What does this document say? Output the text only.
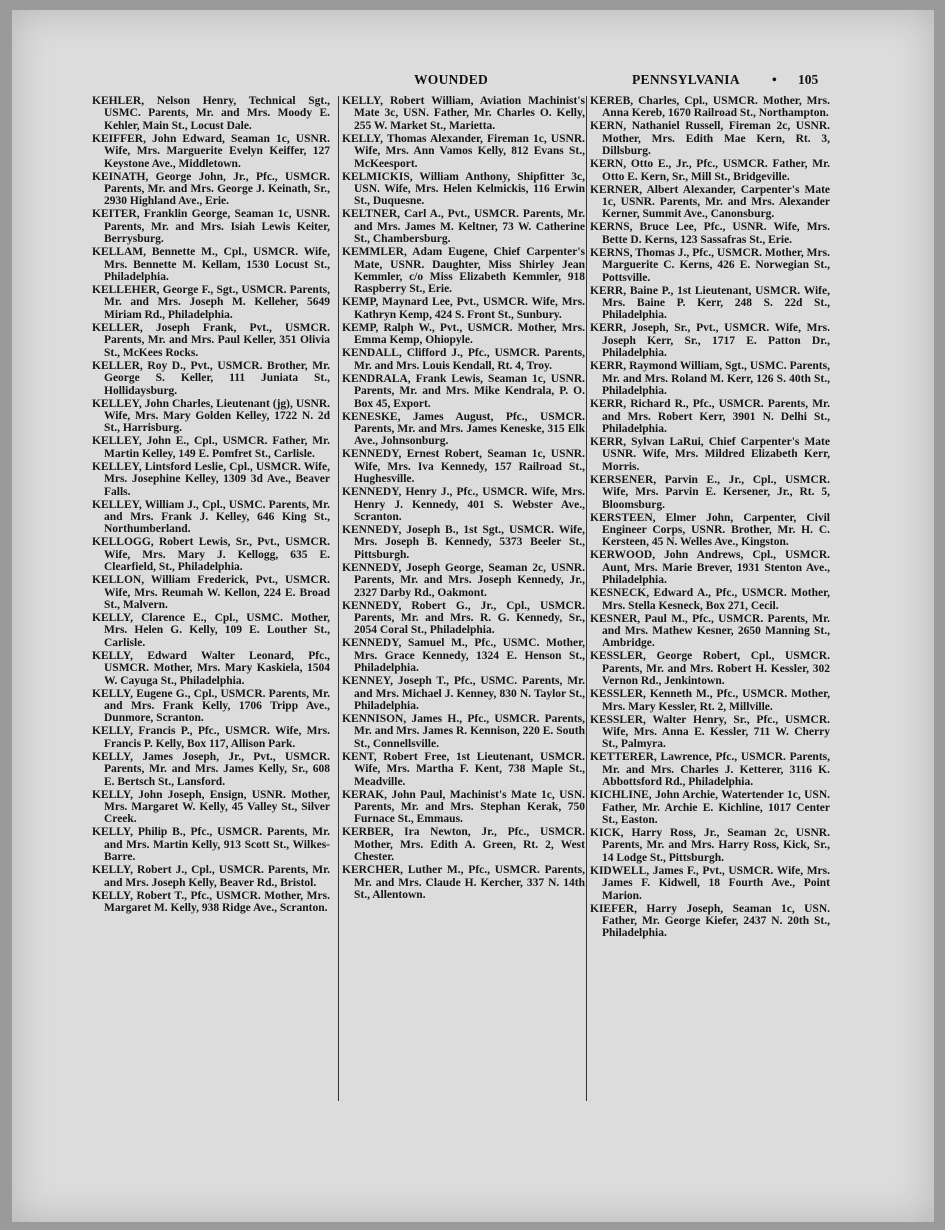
WOUNDED	PENNSYLVANIA • 105
KEHLER, Nelson Henry, Technical Sgt., USMC. Parents, Mr. and Mrs. Moody E. Kehler, Main St., Locust Dale.
KEIFFER, John Edward, Seaman 1c, USNR. Wife, Mrs. Marguerite Evelyn Keiffer, 127 Keystone Ave., Middletown.
KEINATH, George John, Jr., Pfc., USMCR. Parents, Mr. and Mrs. George J. Keinath, Sr., 2930 Highland Ave., Erie.
KEITER, Franklin George, Seaman 1c, USNR. Parents, Mr. and Mrs. Isiah Lewis Keiter, Berrysburg.
KELLAM, Bennette M., Cpl., USMCR. Wife, Mrs. Bennette M. Kellam, 1530 Locust St., Philadelphia.
KELLEHER, George F., Sgt., USMCR. Parents, Mr. and Mrs. Joseph M. Kelleher, 5649 Miriam Rd., Philadelphia.
KELLER, Joseph Frank, Pvt., USMCR. Parents, Mr. and Mrs. Paul Keller, 351 Olivia St., McKees Rocks.
KELLER, Roy D., Pvt., USMCR. Brother, Mr. George S. Keller, 111 Juniata St., Hollidaysburg.
KELLEY, John Charles, Lieutenant (jg), USNR. Wife, Mrs. Mary Golden Kelley, 1722 N. 2d St., Harrisburg.
KELLEY, John E., Cpl., USMCR. Father, Mr. Martin Kelley, 149 E. Pomfret St., Carlisle.
KELLEY, Lintsford Leslie, Cpl., USMCR. Wife, Mrs. Josephine Kelley, 1309 3d Ave., Beaver Falls.
KELLEY, William J., Cpl., USMC. Parents, Mr. and Mrs. Frank J. Kelley, 646 King St., Northumberland.
KELLOGG, Robert Lewis, Sr., Pvt., USMCR. Wife, Mrs. Mary J. Kellogg, 635 E. Clearfield, St., Philadelphia.
KELLON, William Frederick, Pvt., USMCR. Wife, Mrs. Reumah W. Kellon, 224 E. Broad St., Malvern.
KELLY, Clarence E., Cpl., USMC. Mother, Mrs. Helen G. Kelly, 109 E. Louther St., Carlisle.
KELLY, Edward Walter Leonard, Pfc., USMCR. Mother, Mrs. Mary Kaskiela, 1504 W. Cayuga St., Philadelphia.
KELLY, Eugene G., Cpl., USMCR. Parents, Mr. and Mrs. Frank Kelly, 1706 Tripp Ave., Dunmore, Scranton.
KELLY, Francis P., Pfc., USMCR. Wife, Mrs. Francis P. Kelly, Box 117, Allison Park.
KELLY, James Joseph, Jr., Pvt., USMCR. Parents, Mr. and Mrs. James Kelly, Sr., 608 E. Bertsch St., Lansford.
KELLY, John Joseph, Ensign, USNR. Mother, Mrs. Margaret W. Kelly, 45 Valley St., Silver Creek.
KELLY, Philip B., Pfc., USMCR. Parents, Mr. and Mrs. Martin Kelly, 913 Scott St., Wilkes-Barre.
KELLY, Robert J., Cpl., USMCR. Parents, Mr. and Mrs. Joseph Kelly, Beaver Rd., Bristol.
KELLY, Robert T., Pfc., USMCR. Mother, Mrs. Margaret M. Kelly, 938 Ridge Ave., Scranton.
KELLY, Robert William, Aviation Machinist's Mate 3c, USN. Father, Mr. Charles O. Kelly, 255 W. Market St., Marietta.
KELLY, Thomas Alexander, Fireman 1c, USNR. Wife, Mrs. Ann Vamos Kelly, 812 Evans St., McKeesport.
KELMICKIS, William Anthony, Shipfitter 3c, USN. Wife, Mrs. Helen Kelmickis, 116 Erwin St., Duquesne.
KELTNER, Carl A., Pvt., USMCR. Parents, Mr. and Mrs. James M. Keltner, 73 W. Catherine St., Chambersburg.
KEMMLER, Adam Eugene, Chief Carpenter's Mate, USNR. Daughter, Miss Shirley Jean Kemmler, c/o Miss Elizabeth Kemmler, 918 Raspberry St., Erie.
KEMP, Maynard Lee, Pvt., USMCR. Wife, Mrs. Kathryn Kemp, 424 S. Front St., Sunbury.
KEMP, Ralph W., Pvt., USMCR. Mother, Mrs. Emma Kemp, Ohiopyle.
KENDALL, Clifford J., Pfc., USMCR. Parents, Mr. and Mrs. Louis Kendall, Rt. 4, Troy.
KENDRALA, Frank Lewis, Seaman 1c, USNR. Parents, Mr. and Mrs. Mike Kendrala, P. O. Box 45, Export.
KENESKE, James August, Pfc., USMCR. Parents, Mr. and Mrs. James Keneske, 315 Elk Ave., Johnsonburg.
KENNEDY, Ernest Robert, Seaman 1c, USNR. Wife, Mrs. Iva Kennedy, 157 Railroad St., Hughesville.
KENNEDY, Henry J., Pfc., USMCR. Wife, Mrs. Henry J. Kennedy, 401 S. Webster Ave., Scranton.
KENNEDY, Joseph B., 1st Sgt., USMCR. Wife, Mrs. Joseph B. Kennedy, 5373 Beeler St., Pittsburgh.
KENNEDY, Joseph George, Seaman 2c, USNR. Parents, Mr. and Mrs. Joseph Kennedy, Jr., 2327 Darby Rd., Oakmont.
KENNEDY, Robert G., Jr., Cpl., USMCR. Parents, Mr. and Mrs. R. G. Kennedy, Sr., 2054 Coral St., Philadelphia.
KENNEDY, Samuel M., Pfc., USMC. Mother, Mrs. Grace Kennedy, 1324 E. Henson St., Philadelphia.
KENNEY, Joseph T., Pfc., USMC. Parents, Mr. and Mrs. Michael J. Kenney, 830 N. Taylor St., Philadelphia.
KENNISON, James H., Pfc., USMCR. Parents, Mr. and Mrs. James R. Kennison, 220 E. South St., Connellsville.
KENT, Robert Free, 1st Lieutenant, USMCR. Wife, Mrs. Martha F. Kent, 738 Maple St., Meadville.
KERAK, John Paul, Machinist's Mate 1c, USN. Parents, Mr. and Mrs. Stephan Kerak, 750 Furnace St., Emmaus.
KERBER, Ira Newton, Jr., Pfc., USMCR. Mother, Mrs. Edith A. Green, Rt. 2, West Chester.
KERCHER, Luther M., Pfc., USMCR. Parents, Mr. and Mrs. Claude H. Kercher, 337 N. 14th St., Allentown.
KEREB, Charles, Cpl., USMCR. Mother, Mrs. Anna Kereb, 1670 Railroad St., Northampton.
KERN, Nathaniel Russell, Fireman 2c, USNR. Mother, Mrs. Edith Mae Kern, Rt. 3, Dillsburg.
KERN, Otto E., Jr., Pfc., USMCR. Father, Mr. Otto E. Kern, Sr., Mill St., Bridgeville.
KERNER, Albert Alexander, Carpenter's Mate 1c, USNR. Parents, Mr. and Mrs. Alexander Kerner, Summit Ave., Canonsburg.
KERNS, Bruce Lee, Pfc., USNR. Wife, Mrs. Bette D. Kerns, 123 Sassafras St., Erie.
KERNS, Thomas J., Pfc., USMCR. Mother, Mrs. Marguerite C. Kerns, 426 E. Norwegian St., Pottsville.
KERR, Baine P., 1st Lieutenant, USMCR. Wife, Mrs. Baine P. Kerr, 248 S. 22d St., Philadelphia.
KERR, Joseph, Sr., Pvt., USMCR. Wife, Mrs. Joseph Kerr, Sr., 1717 E. Patton Dr., Philadelphia.
KERR, Raymond William, Sgt., USMC. Parents, Mr. and Mrs. Roland M. Kerr, 126 S. 40th St., Philadelphia.
KERR, Richard R., Pfc., USMCR. Parents, Mr. and Mrs. Robert Kerr, 3901 N. Delhi St., Philadelphia.
KERR, Sylvan LaRui, Chief Carpenter's Mate USNR. Wife, Mrs. Mildred Elizabeth Kerr, Morris.
KERSENER, Parvin E., Jr., Cpl., USMCR. Wife, Mrs. Parvin E. Kersener, Jr., Rt. 5, Bloomsburg.
KERSTEEN, Elmer John, Carpenter, Civil Engineer Corps, USNR. Brother, Mr. H. C. Kersteen, 45 N. Welles Ave., Kingston.
KERWOOD, John Andrews, Cpl., USMCR. Aunt, Mrs. Marie Brever, 1931 Stenton Ave., Philadelphia.
KESNECK, Edward A., Pfc., USMCR. Mother, Mrs. Stella Kesneck, Box 271, Cecil.
KESNER, Paul M., Pfc., USMCR. Parents, Mr. and Mrs. Mathew Kesner, 2650 Manning St., Ambridge.
KESSLER, George Robert, Cpl., USMCR. Parents, Mr. and Mrs. Robert H. Kessler, 302 Vernon Rd., Jenkintown.
KESSLER, Kenneth M., Pfc., USMCR. Mother, Mrs. Mary Kessler, Rt. 2, Millville.
KESSLER, Walter Henry, Sr., Pfc., USMCR. Wife, Mrs. Anna E. Kessler, 711 W. Cherry St., Palmyra.
KETTERER, Lawrence, Pfc., USMCR. Parents, Mr. and Mrs. Charles J. Ketterer, 3116 K. Abbottsford Rd., Philadelphia.
KICHLINE, John Archie, Watertender 1c, USN. Father, Mr. Archie E. Kichline, 1017 Center St., Easton.
KICK, Harry Ross, Jr., Seaman 2c, USNR. Parents, Mr. and Mrs. Harry Ross, Kick, Sr., 14 Lodge St., Pittsburgh.
KIDWELL, James F., Pvt., USMCR. Wife, Mrs. James F. Kidwell, 18 Fourth Ave., Point Marion.
KIEFER, Harry Joseph, Seaman 1c, USN. Father, Mr. George Kiefer, 2437 N. 20th St., Philadelphia.
